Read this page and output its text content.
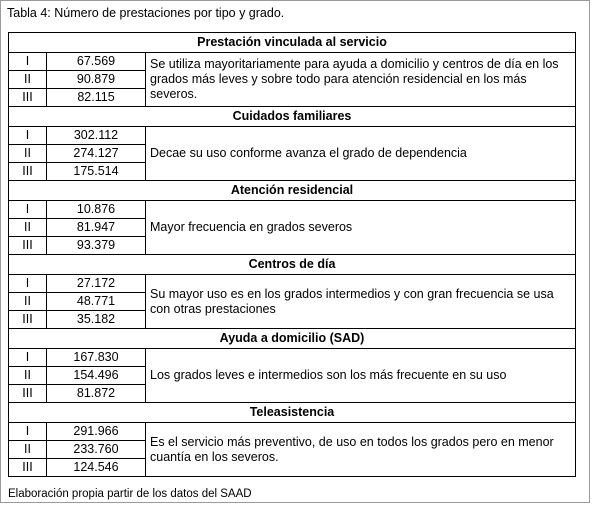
Tabla 4: Número de prestaciones por tipo y grado.
Prestación vinculada al servicio		
I	67.569	Se utiliza mayoritariamente para ayuda a domicilio y centros de día en los grados más leves y sobre todo para atención residencial en los más severos.
II	90.879	
III	82.115	
Cuidados familiares		
I	302.112	Decae su uso conforme avanza el grado de dependencia
II	274.127	
III	175.514	
Atención residencial		
I	10.876	Mayor frecuencia en grados severos
II	81.947	
III	93.379	
Centros de día		
I	27.172	Su mayor uso es en los grados intermedios y con gran frecuencia se usa con otras prestaciones
II	48.771	
III	35.182	
Ayuda a domicilio (SAD)		
I	167.830	Los grados leves e intermedios son los más frecuente en su uso
II	154.496	
III	81.872	
Teleasistencia		
I	291.966	Es el servicio más preventivo, de uso en todos los grados pero en menor cuantía en los severos.
II	233.760	
III	124.546	
Elaboración propia partir de los datos del SAAD
